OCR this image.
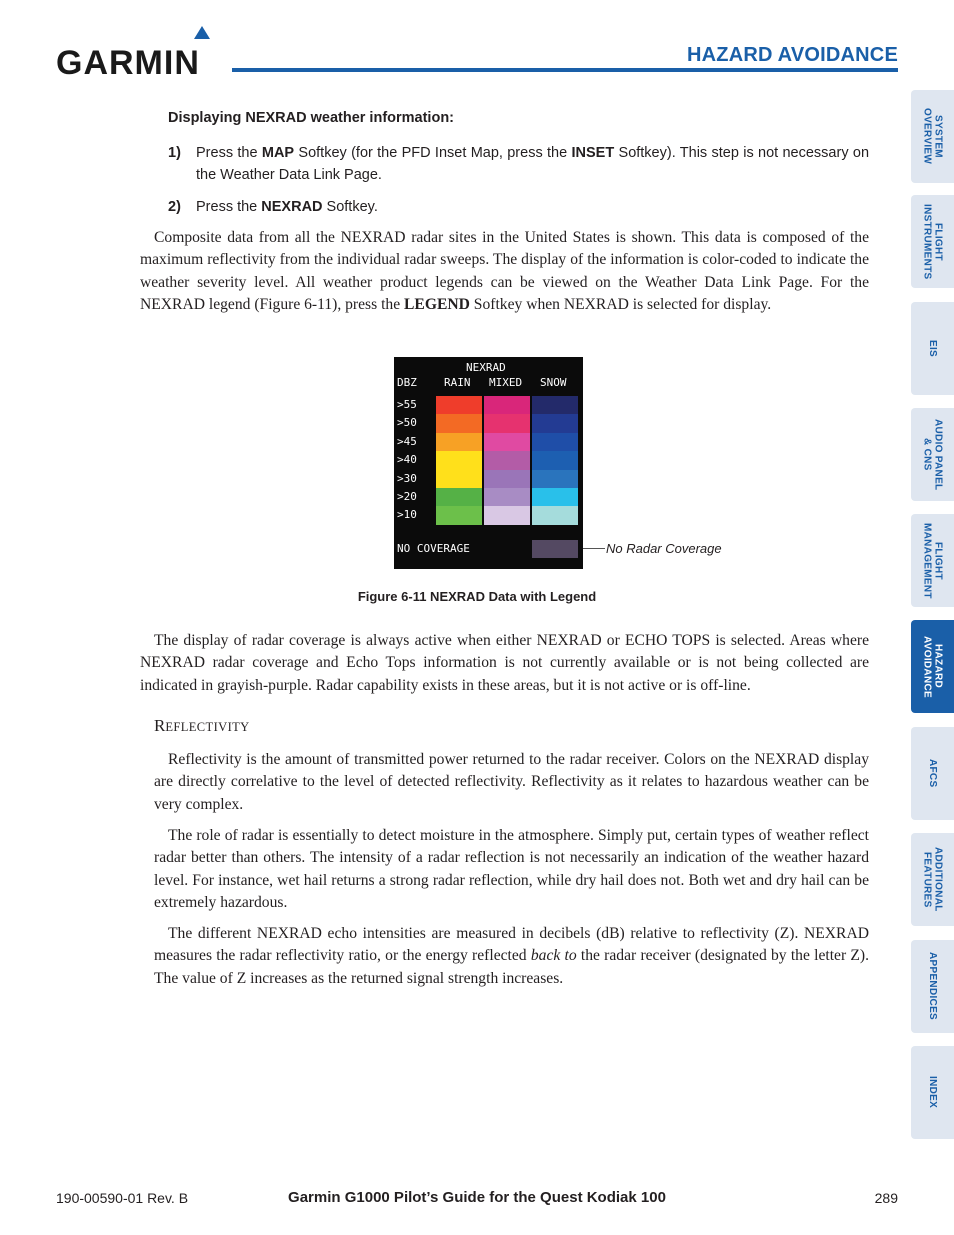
GARMIN	HAZARD AVOIDANCE
SYSTEM
OVERVIEW
FLIGHT
INSTRUMENTS
EIS
AUDIO PANEL
& CNS
FLIGHT
MANAGEMENT
HAZARD
AVOIDANCE
AFCS
ADDITIONAL
FEATURES
APPENDICES
INDEX
Displaying NEXRAD weather information:
1) Press the MAP Softkey (for the PFD Inset Map, press the INSET Softkey). This step is not necessary on the Weather Data Link Page.
2) Press the NEXRAD Softkey.

Composite data from all the NEXRAD radar sites in the United States is shown. This data is composed of the maximum reflectivity from the individual radar sweeps. The display of the information is color-coded to indicate the weather severity level. All weather product legends can be viewed on the Weather Data Link Page. For the NEXRAD legend (Figure 6-11), press the LEGEND Softkey when NEXRAD is selected for display.

NEXRAD
DBZ RAIN MIXED SNOW
>55
>50
>45
>40
>30
>20
>10
NO COVERAGE	No Radar Coverage
Figure 6-11 NEXRAD Data with Legend

The display of radar coverage is always active when either NEXRAD or ECHO TOPS is selected. Areas where NEXRAD radar coverage and Echo Tops information is not currently available or is not being collected are indicated in grayish-purple. Radar capability exists in these areas, but it is not active or is off-line.

REFLECTIVITY

Reflectivity is the amount of transmitted power returned to the radar receiver. Colors on the NEXRAD display are directly correlative to the level of detected reflectivity. Reflectivity as it relates to hazardous weather can be very complex.

The role of radar is essentially to detect moisture in the atmosphere. Simply put, certain types of weather reflect radar better than others. The intensity of a radar reflection is not necessarily an indication of the weather hazard level. For instance, wet hail returns a strong radar reflection, while dry hail does not. Both wet and dry hail can be extremely hazardous.

The different NEXRAD echo intensities are measured in decibels (dB) relative to reflectivity (Z). NEXRAD measures the radar reflectivity ratio, or the energy reflected back to the radar receiver (designated by the letter Z). The value of Z increases as the returned signal strength increases.

190-00590-01 Rev. B	Garmin G1000 Pilot’s Guide for the Quest Kodiak 100	289
